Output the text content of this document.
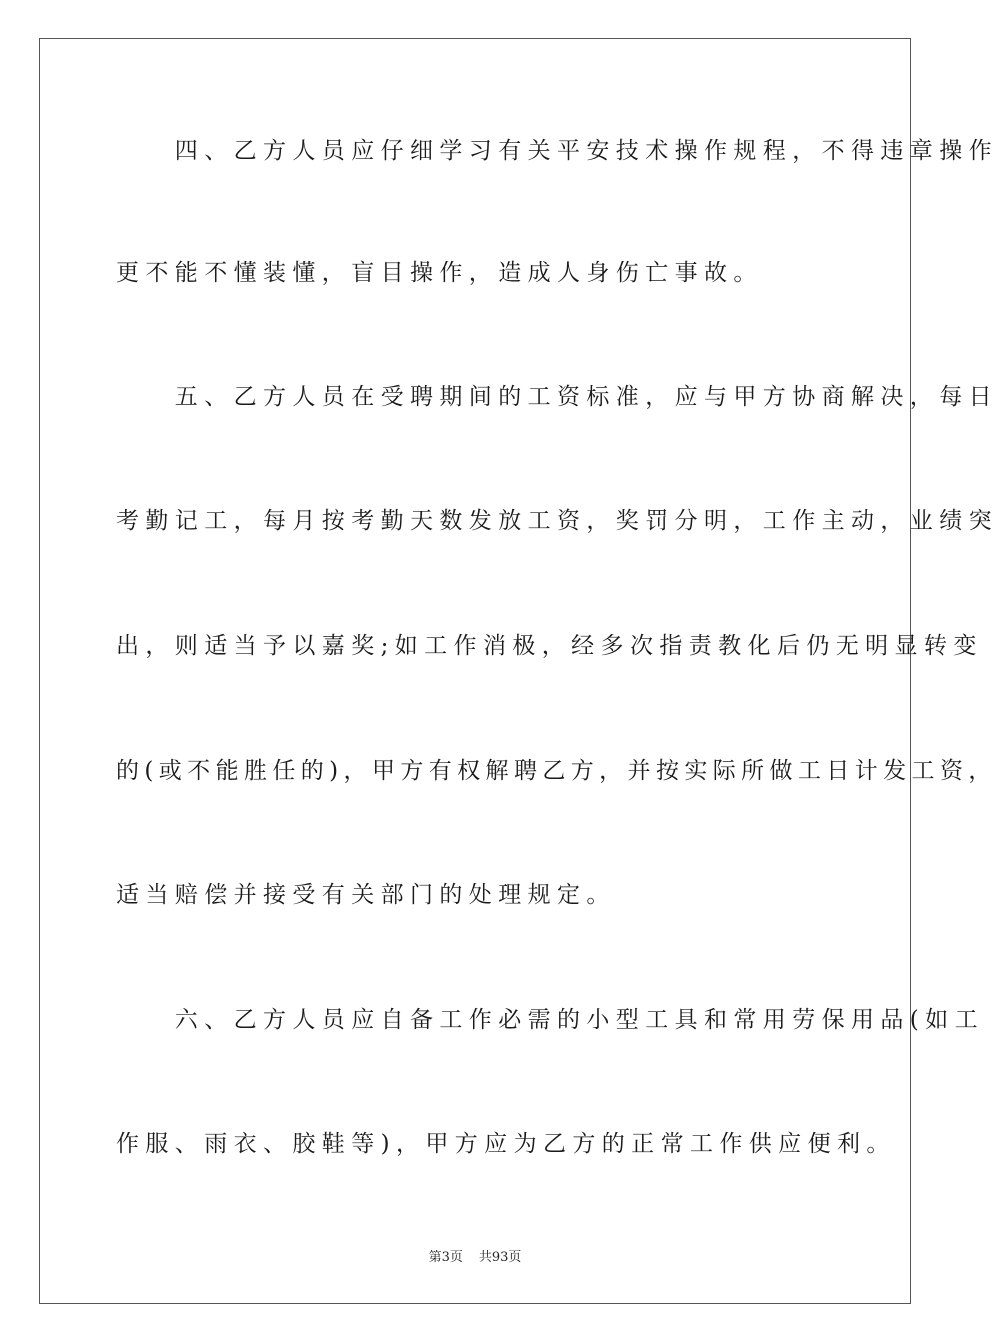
　　四、乙方人员应仔细学习有关平安技术操作规程，不得违章操作
更不能不懂装懂，盲目操作，造成人身伤亡事故。
　　五、乙方人员在受聘期间的工资标准，应与甲方协商解决，每日
考勤记工，每月按考勤天数发放工资，奖罚分明，工作主动，业绩突
出，则适当予以嘉奖;如工作消极，经多次指责教化后仍无明显转变
的(或不能胜任的)，甲方有权解聘乙方，并按实际所做工日计发工资，
适当赔偿并接受有关部门的处理规定。
　　六、乙方人员应自备工作必需的小型工具和常用劳保用品(如工
作服、雨衣、胶鞋等)，甲方应为乙方的正常工作供应便利。
第3页 共93页
